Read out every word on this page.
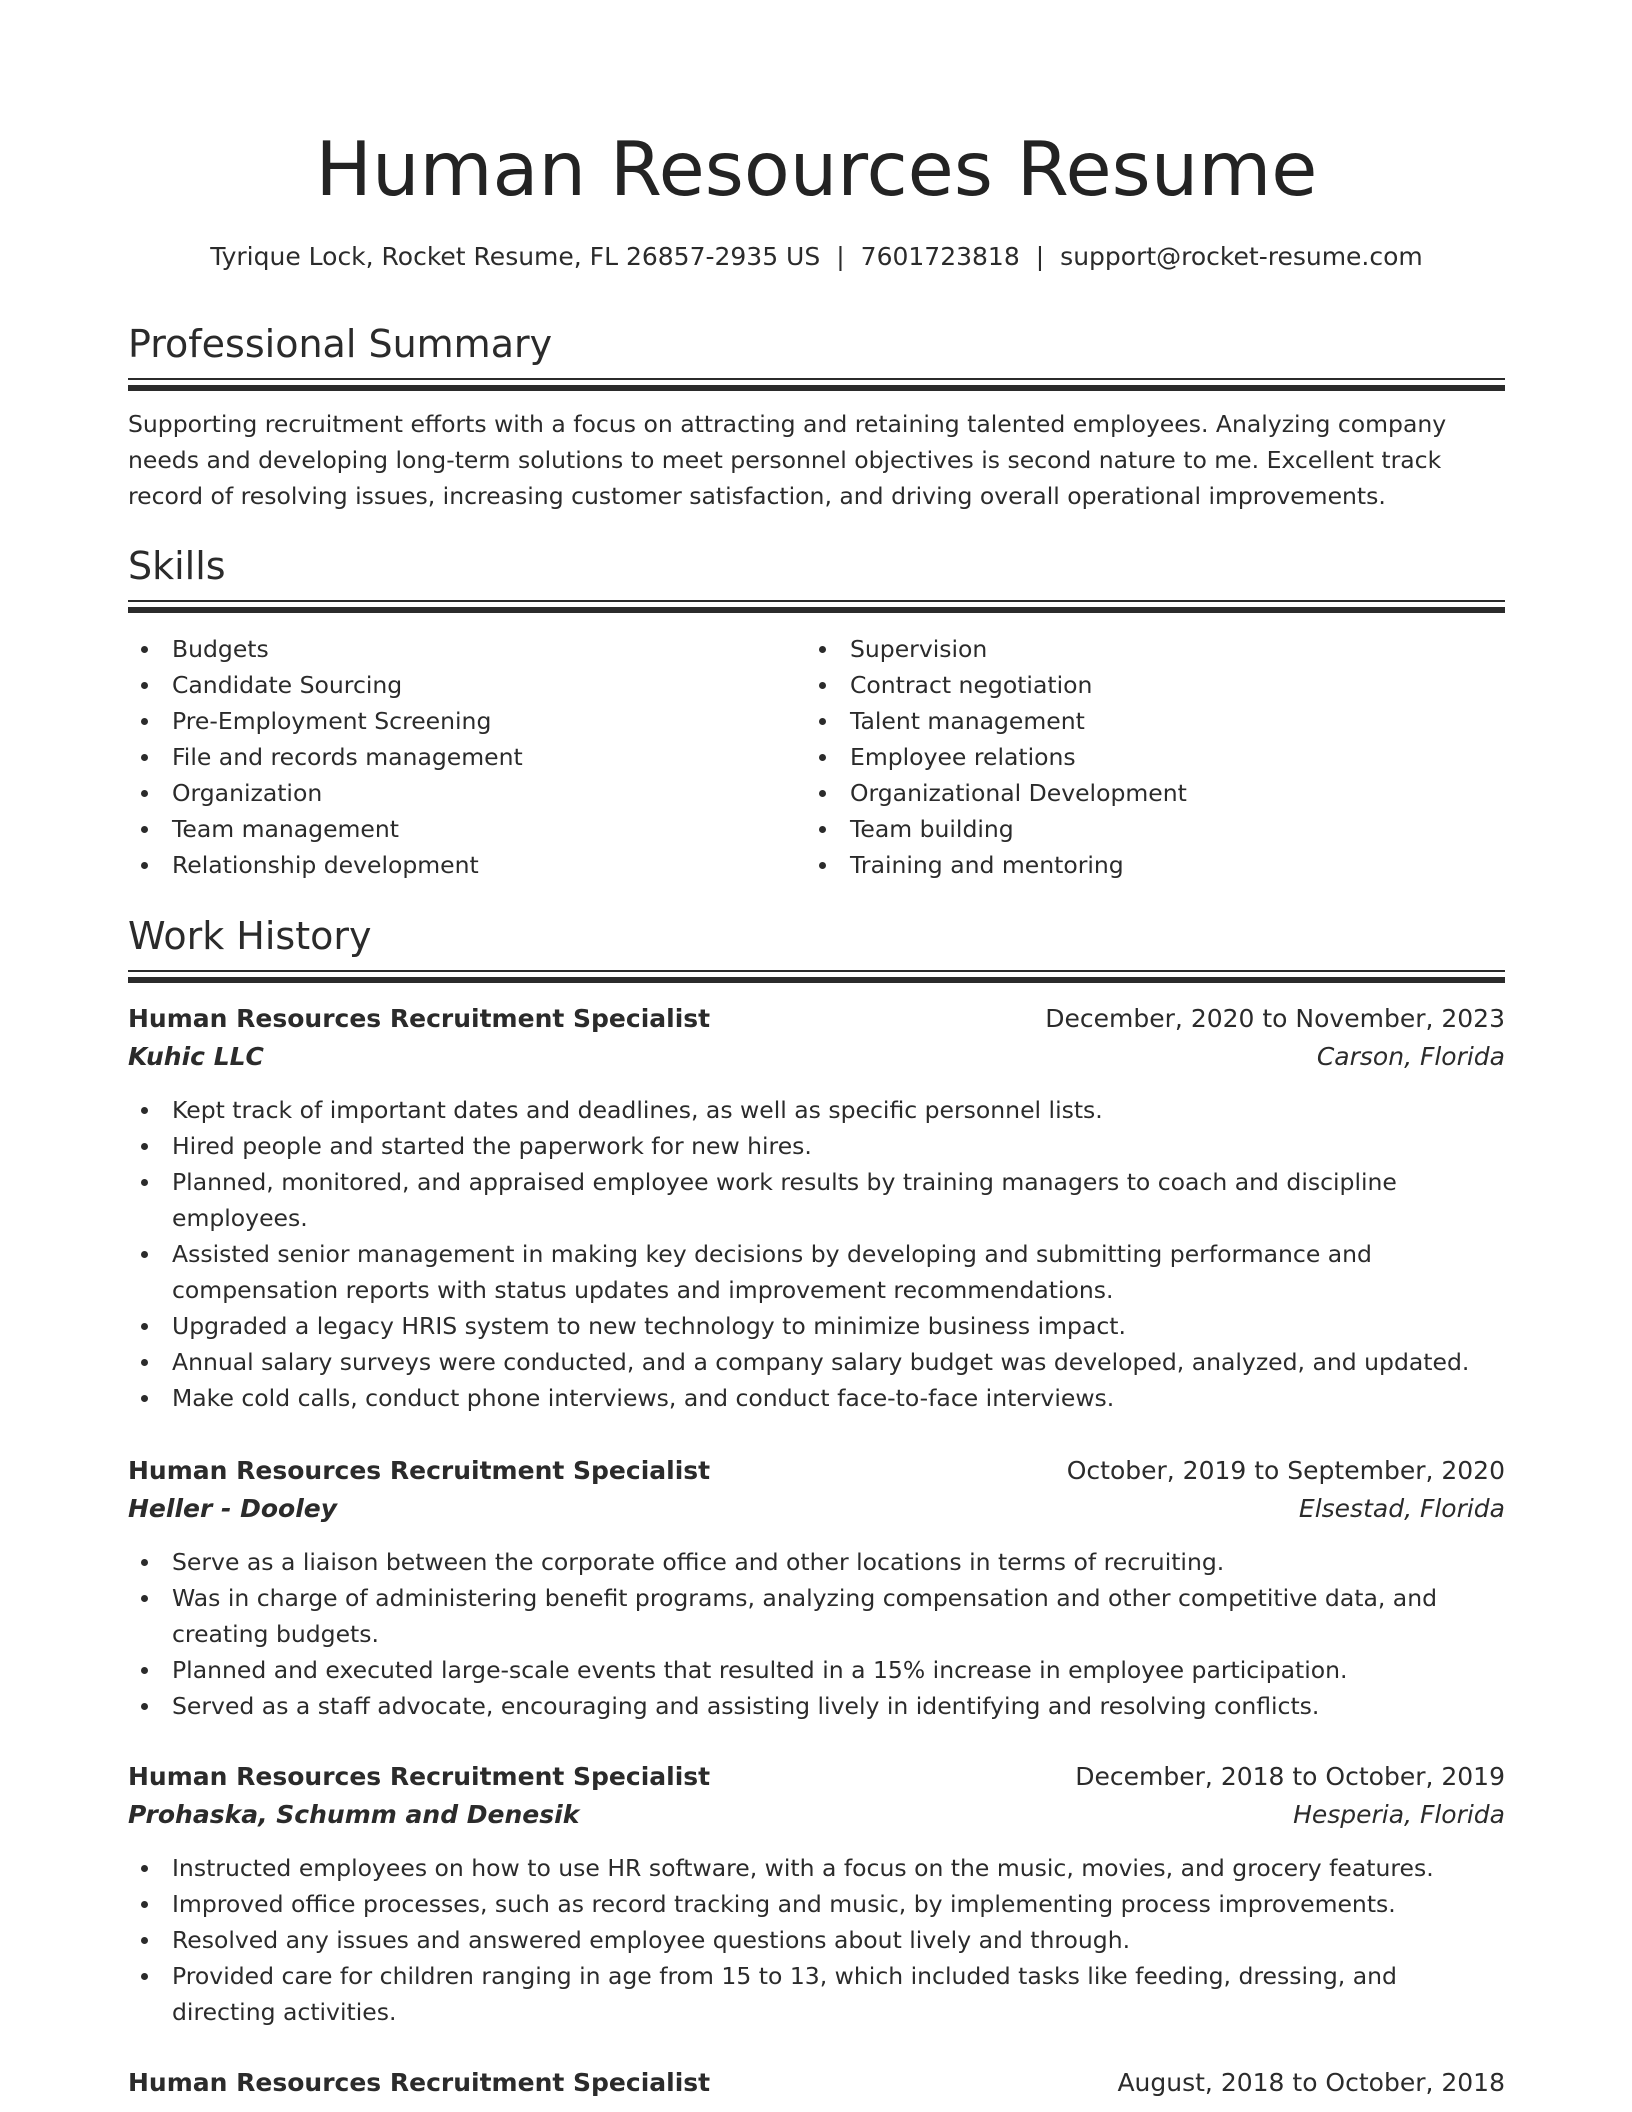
Human Resources Resume
Tyrique Lock, Rocket Resume, FL 26857-2935 US | 7601723818 | support@rocket-resume.com
Professional Summary

Supporting recruitment efforts with a focus on attracting and retaining talented employees. Analyzing company needs and developing long-term solutions to meet personnel objectives is second nature to me. Excellent track record of resolving issues, increasing customer satisfaction, and driving overall operational improvements.

Skills
Budgets
Candidate Sourcing
Pre-Employment Screening
File and records management
Organization
Team management
Relationship development
Supervision
Contract negotiation
Talent management
Employee relations
Organizational Development
Team building
Training and mentoring
Work History
Human Resources Recruitment Specialist	December, 2020 to November, 2023
Kuhic LLC	Carson, Florida
Kept track of important dates and deadlines, as well as specific personnel lists.
Hired people and started the paperwork for new hires.
Planned, monitored, and appraised employee work results by training managers to coach and discipline employees.
Assisted senior management in making key decisions by developing and submitting performance and compensation reports with status updates and improvement recommendations.
Upgraded a legacy HRIS system to new technology to minimize business impact.
Annual salary surveys were conducted, and a company salary budget was developed, analyzed, and updated.
Make cold calls, conduct phone interviews, and conduct face-to-face interviews.
Human Resources Recruitment Specialist	October, 2019 to September, 2020
Heller - Dooley	Elsestad, Florida
Serve as a liaison between the corporate office and other locations in terms of recruiting.
Was in charge of administering benefit programs, analyzing compensation and other competitive data, and creating budgets.
Planned and executed large-scale events that resulted in a 15% increase in employee participation.
Served as a staff advocate, encouraging and assisting lively in identifying and resolving conflicts.
Human Resources Recruitment Specialist	December, 2018 to October, 2019
Prohaska, Schumm and Denesik	Hesperia, Florida
Instructed employees on how to use HR software, with a focus on the music, movies, and grocery features.
Improved office processes, such as record tracking and music, by implementing process improvements.
Resolved any issues and answered employee questions about lively and through.
Provided care for children ranging in age from 15 to 13, which included tasks like feeding, dressing, and directing activities.
Human Resources Recruitment Specialist	August, 2018 to October, 2018
